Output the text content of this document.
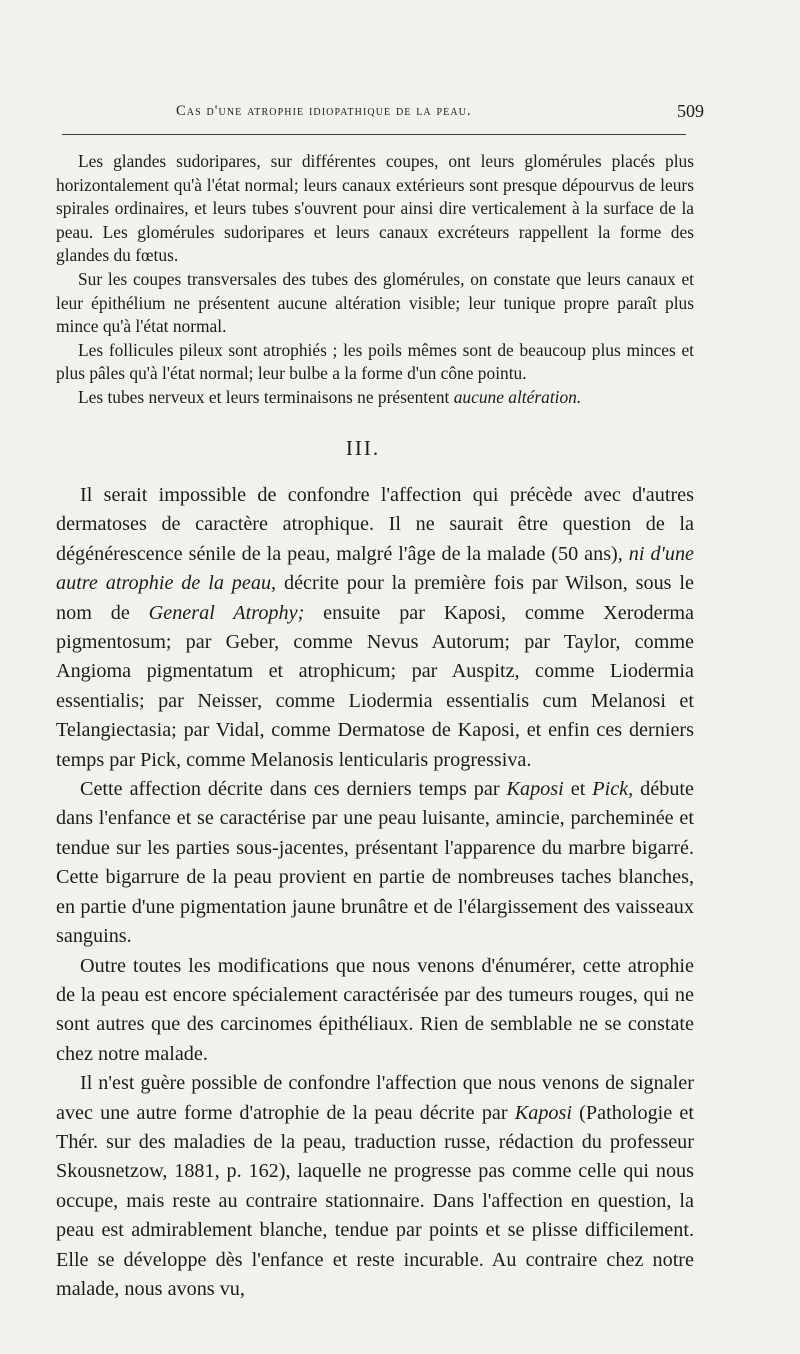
Cas d'une atrophie idiopathique de la peau.	509

Les glandes sudoripares, sur différentes coupes, ont leurs glomérules placés plus horizontalement qu'à l'état normal; leurs canaux extérieurs sont presque dépourvus de leurs spirales ordinaires, et leurs tubes s'ouvrent pour ainsi dire verticalement à la surface de la peau. Les glomérules sudoripares et leurs canaux excréteurs rappellent la forme des glandes du fœtus.

Sur les coupes transversales des tubes des glomérules, on constate que leurs canaux et leur épithélium ne présentent aucune altération visible; leur tunique propre paraît plus mince qu'à l'état normal.

Les follicules pileux sont atrophiés ; les poils mêmes sont de beaucoup plus minces et plus pâles qu'à l'état normal; leur bulbe a la forme d'un cône pointu.

Les tubes nerveux et leurs terminaisons ne présentent aucune altération.

III.

Il serait impossible de confondre l'affection qui précède avec d'autres dermatoses de caractère atrophique. Il ne saurait être question de la dégénérescence sénile de la peau, malgré l'âge de la malade (50 ans), ni d'une autre atrophie de la peau, décrite pour la première fois par Wilson, sous le nom de General Atrophy; ensuite par Kaposi, comme Xeroderma pigmentosum; par Geber, comme Nevus Autorum; par Taylor, comme Angioma pigmentatum et atrophicum; par Auspitz, comme Liodermia essentialis; par Neisser, comme Liodermia essentialis cum Melanosi et Telangiectasia; par Vidal, comme Dermatose de Kaposi, et enfin ces derniers temps par Pick, comme Melanosis lenticularis progressiva.

Cette affection décrite dans ces derniers temps par Kaposi et Pick, débute dans l'enfance et se caractérise par une peau luisante, amincie, parcheminée et tendue sur les parties sous-jacentes, présentant l'apparence du marbre bigarré. Cette bigarrure de la peau provient en partie de nombreuses taches blanches, en partie d'une pigmentation jaune brunâtre et de l'élargissement des vaisseaux sanguins.

Outre toutes les modifications que nous venons d'énumérer, cette atrophie de la peau est encore spécialement caractérisée par des tumeurs rouges, qui ne sont autres que des carcinomes épithéliaux. Rien de semblable ne se constate chez notre malade.

Il n'est guère possible de confondre l'affection que nous venons de signaler avec une autre forme d'atrophie de la peau décrite par Kaposi (Pathologie et Thér. sur des maladies de la peau, traduction russe, rédaction du professeur Skousnetzow, 1881, p. 162), laquelle ne progresse pas comme celle qui nous occupe, mais reste au contraire stationnaire. Dans l'affection en question, la peau est admirablement blanche, tendue par points et se plisse difficilement. Elle se développe dès l'enfance et reste incurable. Au contraire chez notre malade, nous avons vu,
